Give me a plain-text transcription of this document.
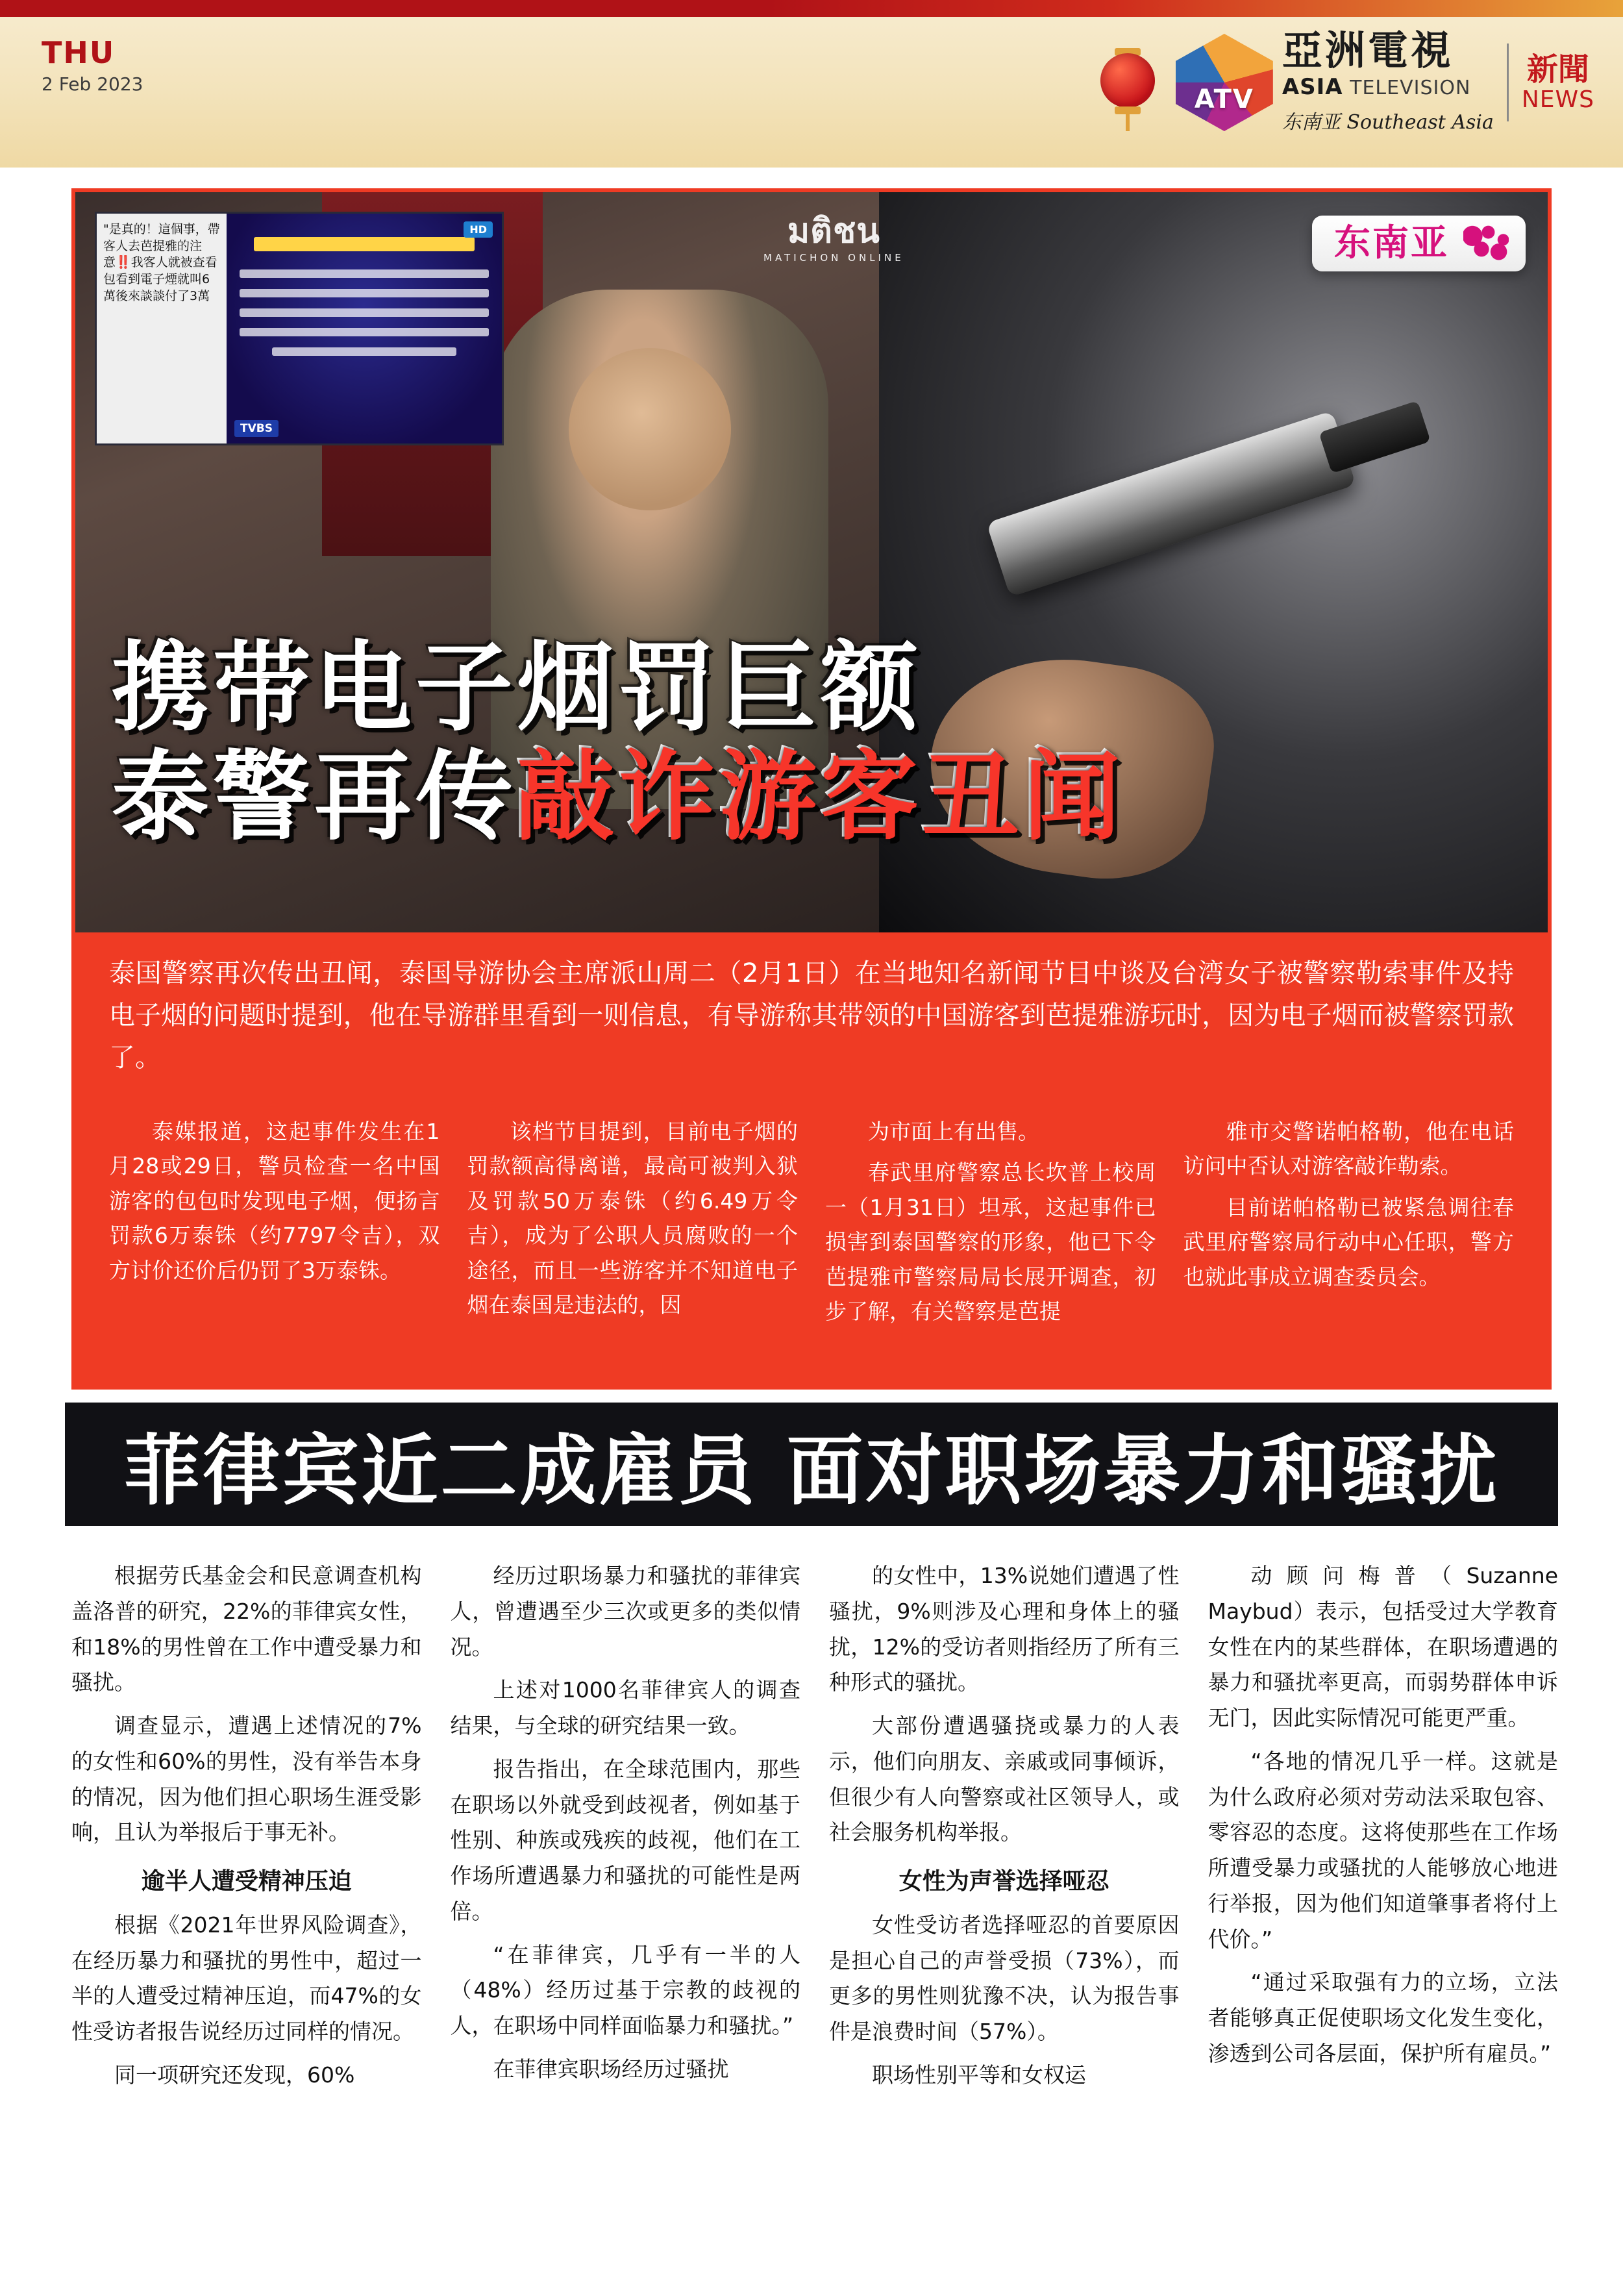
THU
2 Feb 2023
ATV
亞洲電視
ASIA TELEVISION
东南亚 Southeast Asia
新聞
NEWS
มติชน
MATICHON ONLINE
"是真的！這個事，帶客人去芭提雅的注意‼️我客人就被查看包看到電子煙就叫6萬後來談談付了3萬
HD
TVBS
东南亚
携带电子烟罚巨额
泰警再传 敲诈游客丑闻
泰国警察再次传出丑闻，泰国导游协会主席派山周二（2月1日）在当地知名新闻节目中谈及台湾女子被警察勒索事件及持电子烟的问题时提到，他在导游群里看到一则信息，有导游称其带领的中国游客到芭提雅游玩时，因为电子烟而被警察罚款了。

泰媒报道，这起事件发生在1月28或29日，警员检查一名中国游客的包包时发现电子烟，便扬言罚款6万泰铢（约7797令吉），双方讨价还价后仍罚了3万泰铢。

该档节目提到，目前电子烟的罚款额高得离谱，最高可被判入狱及罚款50万泰铢（约6.49万令吉），成为了公职人员腐败的一个途径，而且一些游客并不知道电子烟在泰国是违法的，因

为市面上有出售。

春武里府警察总长坎普上校周一（1月31日）坦承，这起事件已损害到泰国警察的形象，他已下令芭提雅市警察局局长展开调查，初步了解，有关警察是芭提

雅市交警诺帕格勒，他在电话访问中否认对游客敲诈勒索。

目前诺帕格勒已被紧急调往春武里府警察局行动中心任职，警方也就此事成立调查委员会。

菲律宾近二成雇员 面对职场暴力和骚扰

根据劳氏基金会和民意调查机构盖洛普的研究，22%的菲律宾女性，和18%的男性曾在工作中遭受暴力和骚扰。

调查显示，遭遇上述情况的7%的女性和60%的男性，没有举告本身的情况，因为他们担心职场生涯受影响，且认为举报后于事无补。

逾半人遭受精神压迫

根据《2021年世界风险调查》，在经历暴力和骚扰的男性中，超过一半的人遭受过精神压迫，而47%的女性受访者报告说经历过同样的情况。

同一项研究还发现，60%

经历过职场暴力和骚扰的菲律宾人，曾遭遇至少三次或更多的类似情况。

上述对1000名菲律宾人的调查结果，与全球的研究结果一致。

报告指出，在全球范围内，那些在职场以外就受到歧视者，例如基于性别、种族或残疾的歧视，他们在工作场所遭遇暴力和骚扰的可能性是两倍。

“在菲律宾，几乎有一半的人（48%）经历过基于宗教的歧视的人，在职场中同样面临暴力和骚扰。”

在菲律宾职场经历过骚扰

的女性中，13%说她们遭遇了性骚扰，9%则涉及心理和身体上的骚扰，12%的受访者则指经历了所有三种形式的骚扰。

大部份遭遇骚挠或暴力的人表示，他们向朋友、亲戚或同事倾诉，但很少有人向警察或社区领导人，或社会服务机构举报。

女性为声誉选择哑忍

女性受访者选择哑忍的首要原因是担心自己的声誉受损（73%），而更多的男性则犹豫不决，认为报告事件是浪费时间（57%）。

职场性别平等和女权运

动顾问梅普（Suzanne Maybud）表示，包括受过大学教育女性在内的某些群体，在职场遭遇的暴力和骚扰率更高，而弱势群体申诉无门，因此实际情况可能更严重。

“各地的情况几乎一样。这就是为什么政府必须对劳动法采取包容、零容忍的态度。这将使那些在工作场所遭受暴力或骚扰的人能够放心地进行举报，因为他们知道肇事者将付上代价。”

“通过采取强有力的立场，立法者能够真正促使职场文化发生变化，渗透到公司各层面，保护所有雇员。”
